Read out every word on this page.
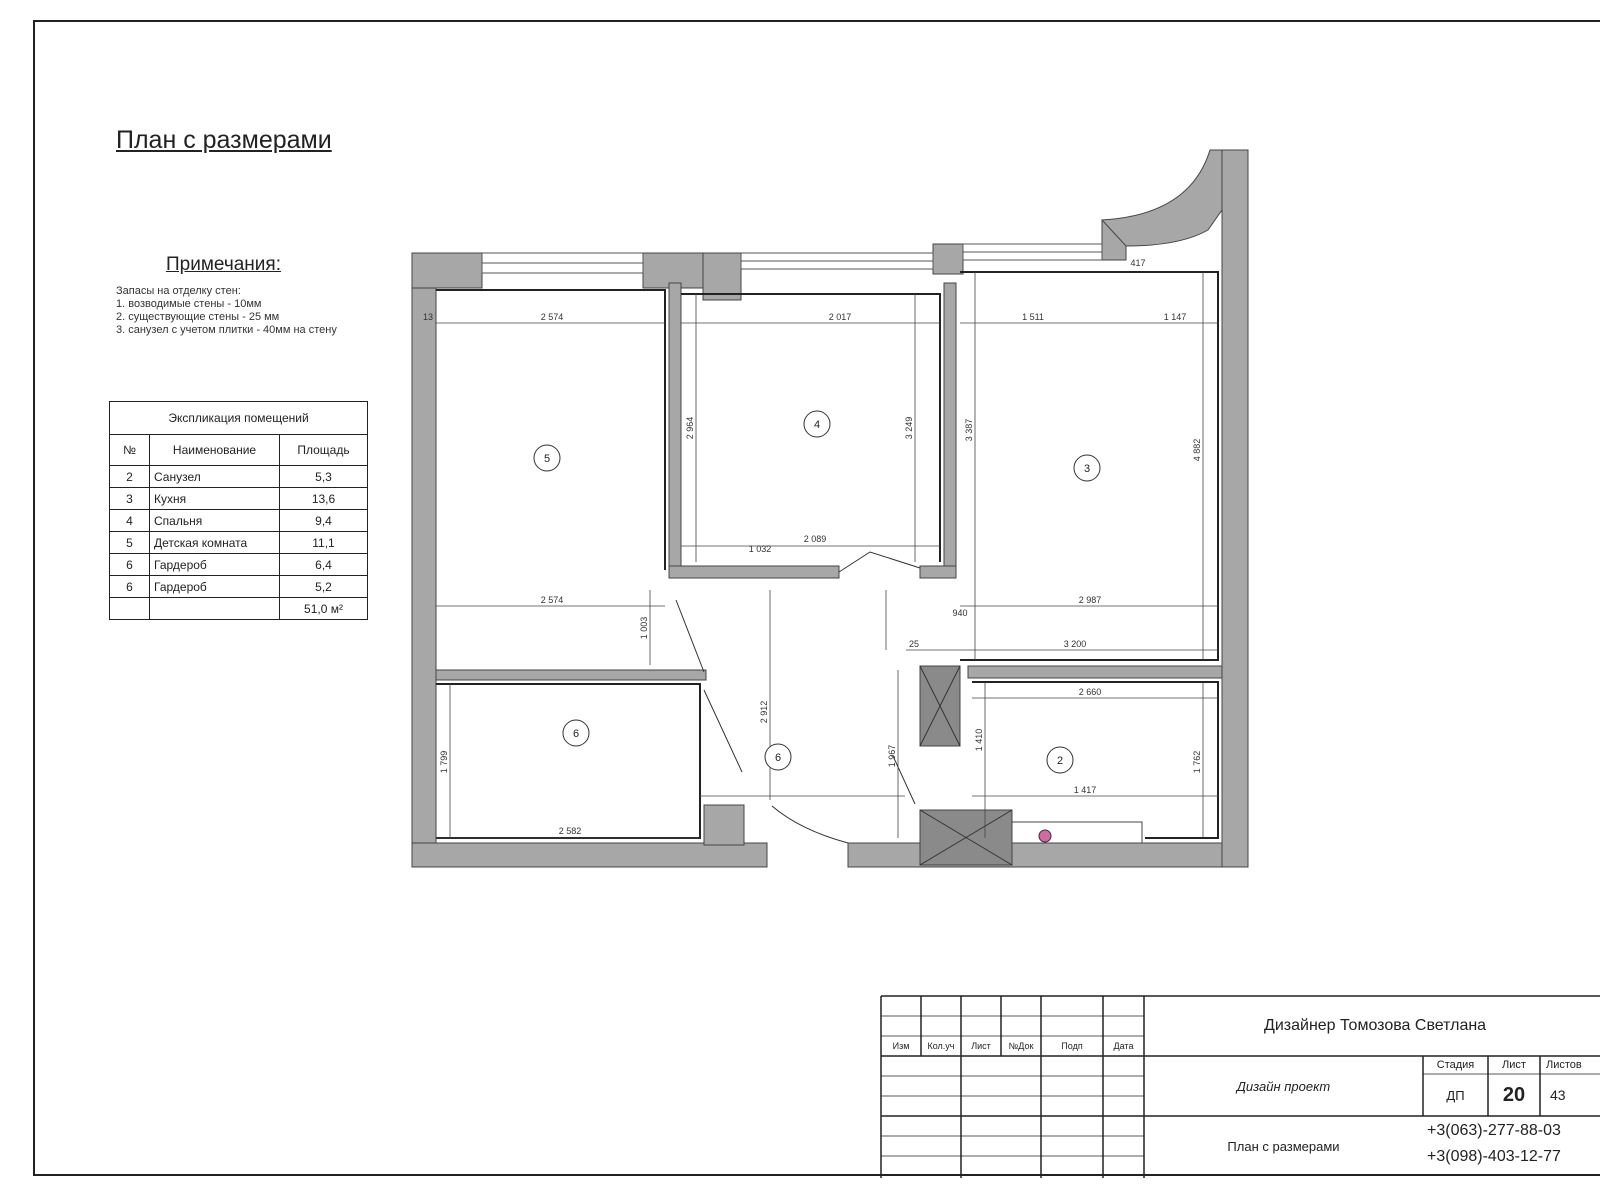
План с размерами
Примечания:
Запасы на отделку стен:
1. возводимые стены - 10мм
2. существующие стены - 25 мм
3. санузел с учетом плитки - 40мм на стену
Экспликация помещений		
№	Наименование	Площадь
2	Санузел	5,3
3	Кухня	13,6
4	Спальня	9,4
5	Детская комната	11,1
6	Гардероб	6,4
6	Гардероб	5,2
		51,0 м²
5
4
3
6
6	2
2 574	2 017	1 511	1 147
2 574	2 987
3 200
1 032
2 089
2 660
1 417
2 582
940
417
13
25
2 964	3 249	3 387
4 882
1 799
1 410
1 762
2 912
1 967
1 003
Изм	Кол.уч	Лист	№Док	Подп	Дата
Дизайнер Томозова Светлана
Дизайн проект
План с размерами
Стадия	Лист	Листов
ДП	20	43
+3(063)-277-88-03
+3(098)-403-12-77
